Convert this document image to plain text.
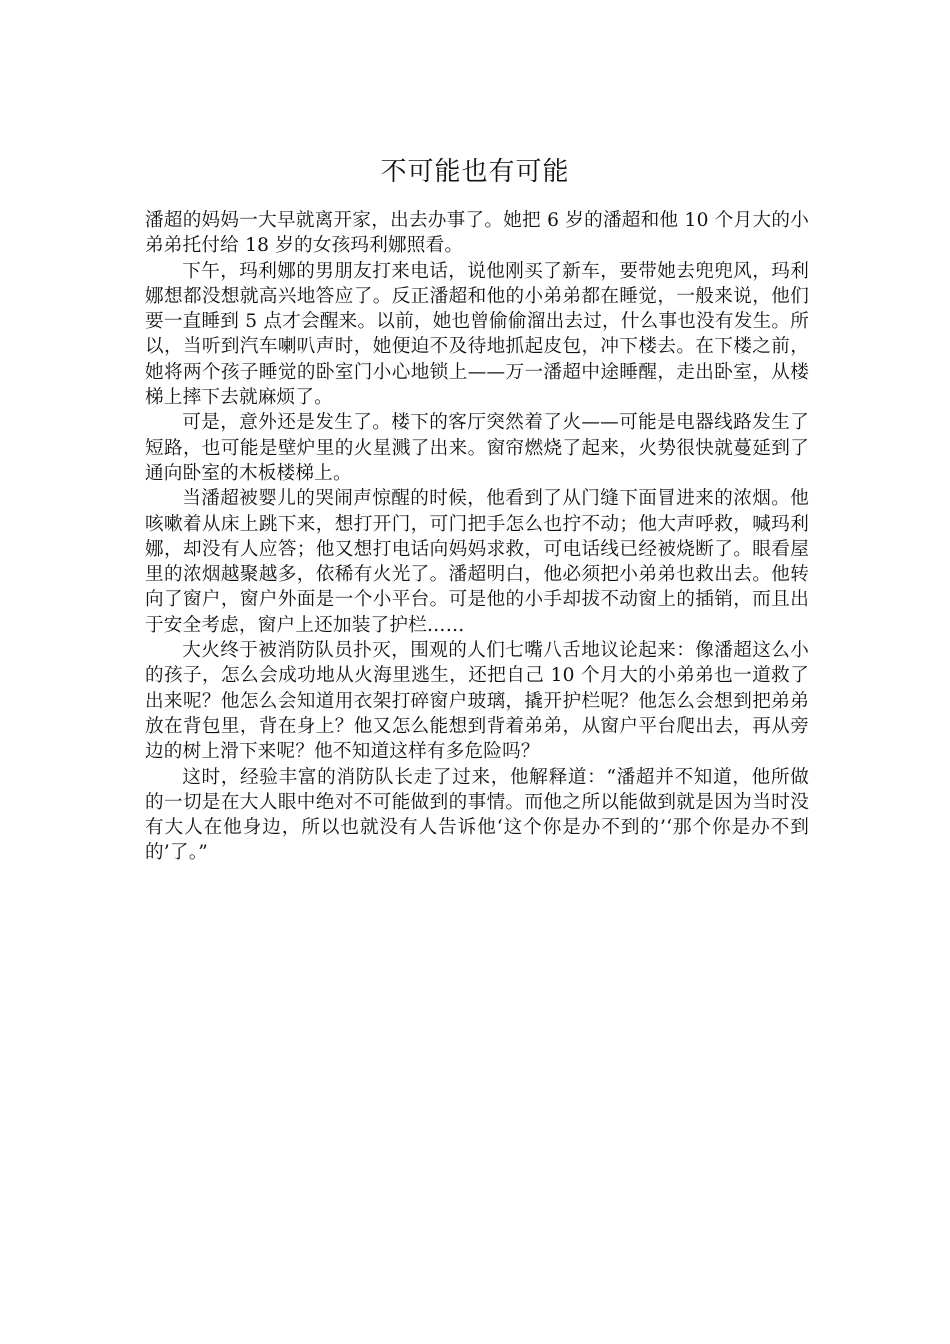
不可能也有可能

潘超的妈妈一大早就离开家，出去办事了。她把 6 岁的潘超和他 10 个月大的小弟弟托付给 18 岁的女孩玛利娜照看。

下午，玛利娜的男朋友打来电话，说他刚买了新车，要带她去兜兜风，玛利娜想都没想就高兴地答应了。反正潘超和他的小弟弟都在睡觉，一般来说，他们要一直睡到 5 点才会醒来。以前，她也曾偷偷溜出去过，什么事也没有发生。所以，当听到汽车喇叭声时，她便迫不及待地抓起皮包，冲下楼去。在下楼之前，她将两个孩子睡觉的卧室门小心地锁上——万一潘超中途睡醒，走出卧室，从楼梯上摔下去就麻烦了。

可是，意外还是发生了。楼下的客厅突然着了火——可能是电器线路发生了短路，也可能是壁炉里的火星溅了出来。窗帘燃烧了起来，火势很快就蔓延到了通向卧室的木板楼梯上。

当潘超被婴儿的哭闹声惊醒的时候，他看到了从门缝下面冒进来的浓烟。他咳嗽着从床上跳下来，想打开门，可门把手怎么也拧不动；他大声呼救，喊玛利娜，却没有人应答；他又想打电话向妈妈求救，可电话线已经被烧断了。眼看屋里的浓烟越聚越多，依稀有火光了。潘超明白，他必须把小弟弟也救出去。他转向了窗户，窗户外面是一个小平台。可是他的小手却拔不动窗上的插销，而且出于安全考虑，窗户上还加装了护栏……

大火终于被消防队员扑灭，围观的人们七嘴八舌地议论起来：像潘超这么小的孩子，怎么会成功地从火海里逃生，还把自己 10 个月大的小弟弟也一道救了出来呢？他怎么会知道用衣架打碎窗户玻璃，撬开护栏呢？他怎么会想到把弟弟放在背包里，背在身上？他又怎么能想到背着弟弟，从窗户平台爬出去，再从旁边的树上滑下来呢？他不知道这样有多危险吗？

这时，经验丰富的消防队长走了过来，他解释道：“潘超并不知道，他所做的一切是在大人眼中绝对不可能做到的事情。而他之所以能做到就是因为当时没有大人在他身边，所以也就没有人告诉他‘这个你是办不到的’‘那个你是办不到的’了。”
